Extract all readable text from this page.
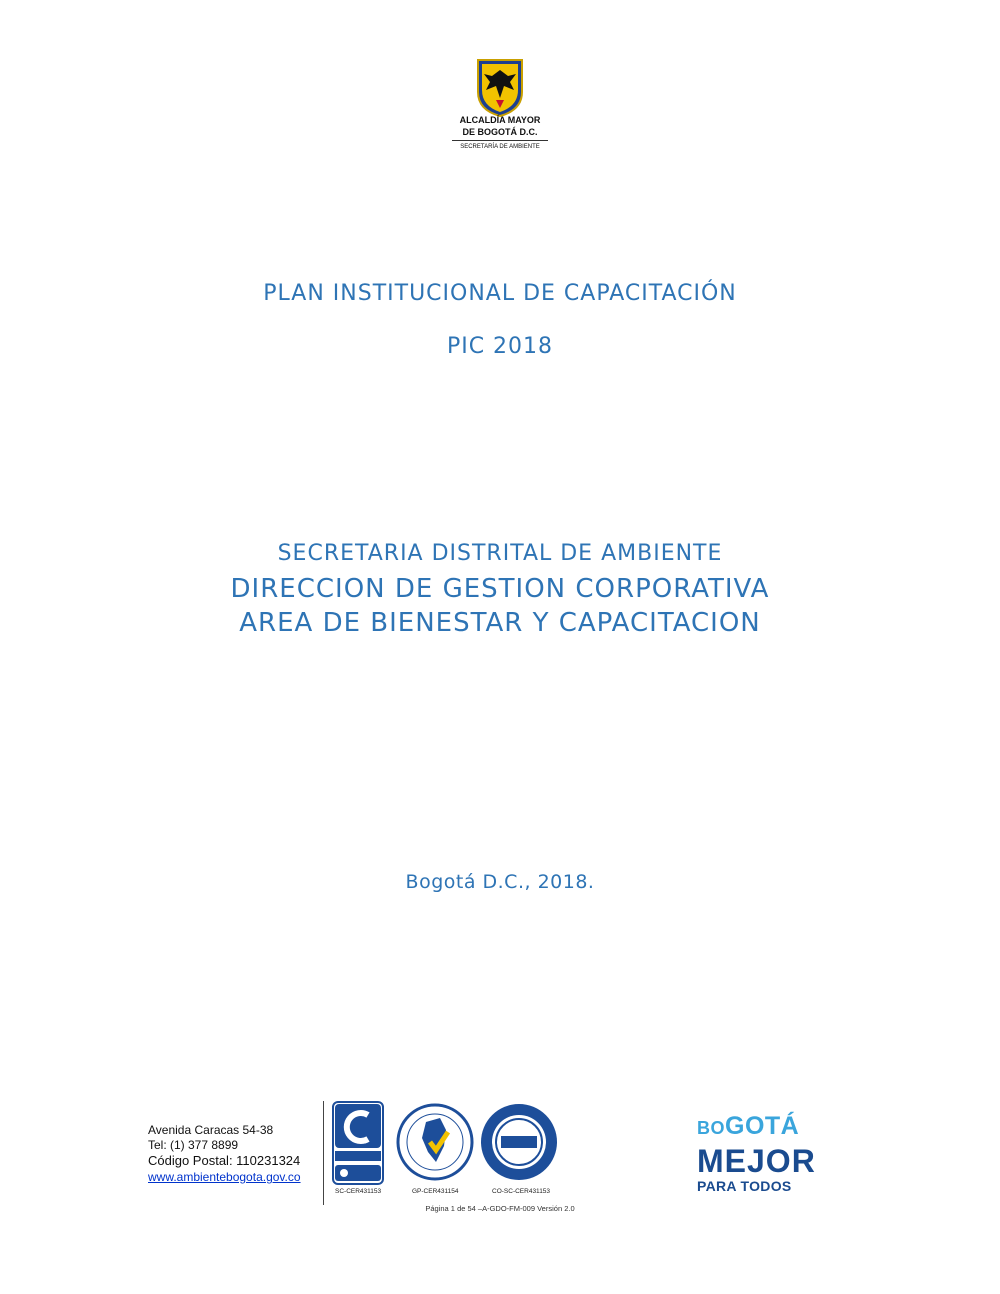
ALCALDÍA MAYOR
DE BOGOTÁ D.C.
SECRETARÍA DE AMBIENTE
PLAN INSTITUCIONAL DE CAPACITACIÓN
PIC 2018
SECRETARIA DISTRITAL DE AMBIENTE
DIRECCION DE GESTION CORPORATIVA
AREA DE BIENESTAR Y CAPACITACION
Bogotá D.C., 2018.
Avenida Caracas 54-38
Tel: (1) 377 8899
Código Postal: 110231324
www.ambientebogota.gov.co
SC-CER431153	GP-CER431154	CO-SC-CER431153
Página 1 de 54 –A-GDO-FM-009 Versión 2.0
BOGOTÁ
MEJOR
PARA TODOS
